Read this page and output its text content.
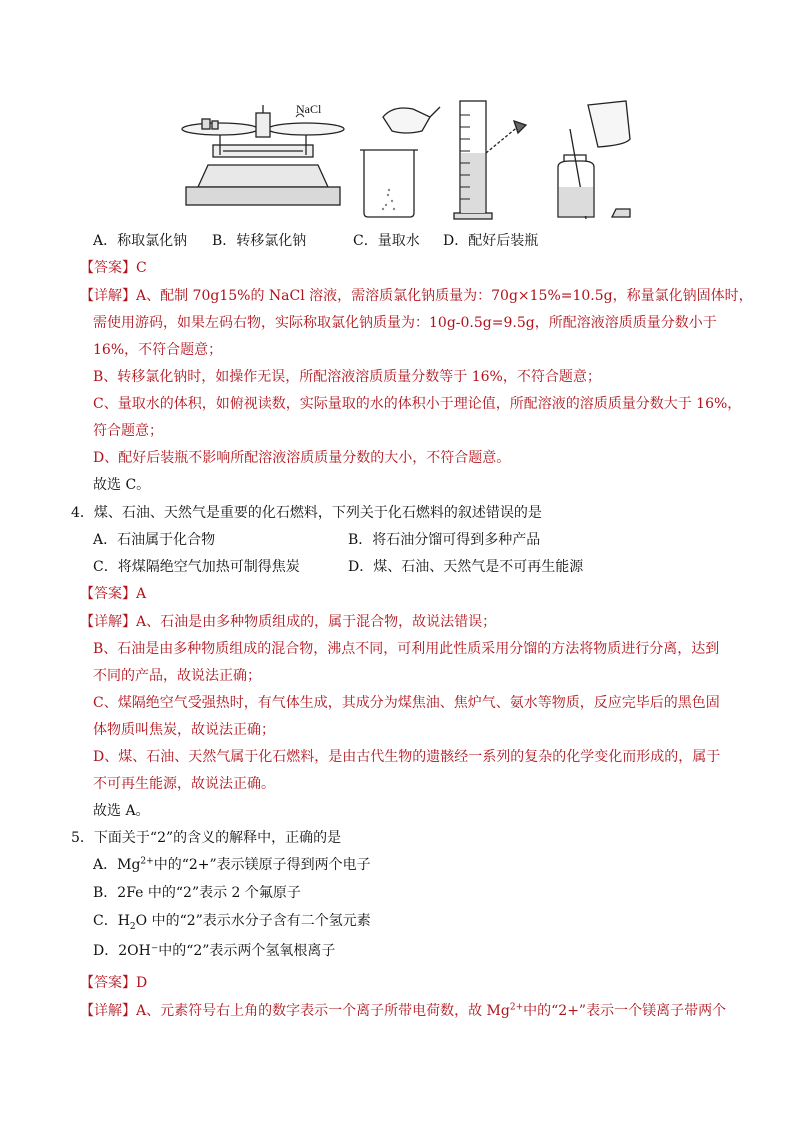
NaCl
A．称取氯化钠 B．转移氯化钠	C．量取水 D．配好后装瓶
【答案】C
【详解】A、配制 70g15%的 NaCl 溶液，需溶质氯化钠质量为：70g×15%=10.5g，称量氯化钠固体时，
需使用游码，如果左码右物，实际称取氯化钠质量为：10g-0.5g=9.5g，所配溶液溶质质量分数小于
16%，不符合题意；
B、转移氯化钠时，如操作无误，所配溶液溶质质量分数等于 16%，不符合题意；
C、量取水的体积，如俯视读数，实际量取的水的体积小于理论值，所配溶液的溶质质量分数大于 16%，
符合题意；
D、配好后装瓶不影响所配溶液溶质质量分数的大小，不符合题意。
故选 C。
4．煤、石油、天然气是重要的化石燃料，下列关于化石燃料的叙述错误的是
A．石油属于化合物	B．将石油分馏可得到多种产品
C．将煤隔绝空气加热可制得焦炭	D．煤、石油、天然气是不可再生能源
【答案】A
【详解】A、石油是由多种物质组成的，属于混合物，故说法错误；
B、石油是由多种物质组成的混合物，沸点不同，可利用此性质采用分馏的方法将物质进行分离，达到
不同的产品，故说法正确；
C、煤隔绝空气受强热时，有气体生成，其成分为煤焦油、焦炉气、氨水等物质，反应完毕后的黑色固
体物质叫焦炭，故说法正确；
D、煤、石油、天然气属于化石燃料，是由古代生物的遗骸经一系列的复杂的化学变化而形成的，属于
不可再生能源，故说法正确。
故选 A。
5．下面关于“2”的含义的解释中，正确的是
A．$Mg^{2+}$中的“2+”表示镁原子得到两个电子
B．2Fe 中的“2”表示 2 个氟原子
C．$H_2O$ 中的“2”表示水分子含有二个氢元素
D．2OH⁻中的“2”表示两个氢氧根离子
【答案】D
【详解】A、元素符号右上角的数字表示一个离子所带电荷数，故 $Mg^{2+}$中的“2+”表示一个镁离子带两个
